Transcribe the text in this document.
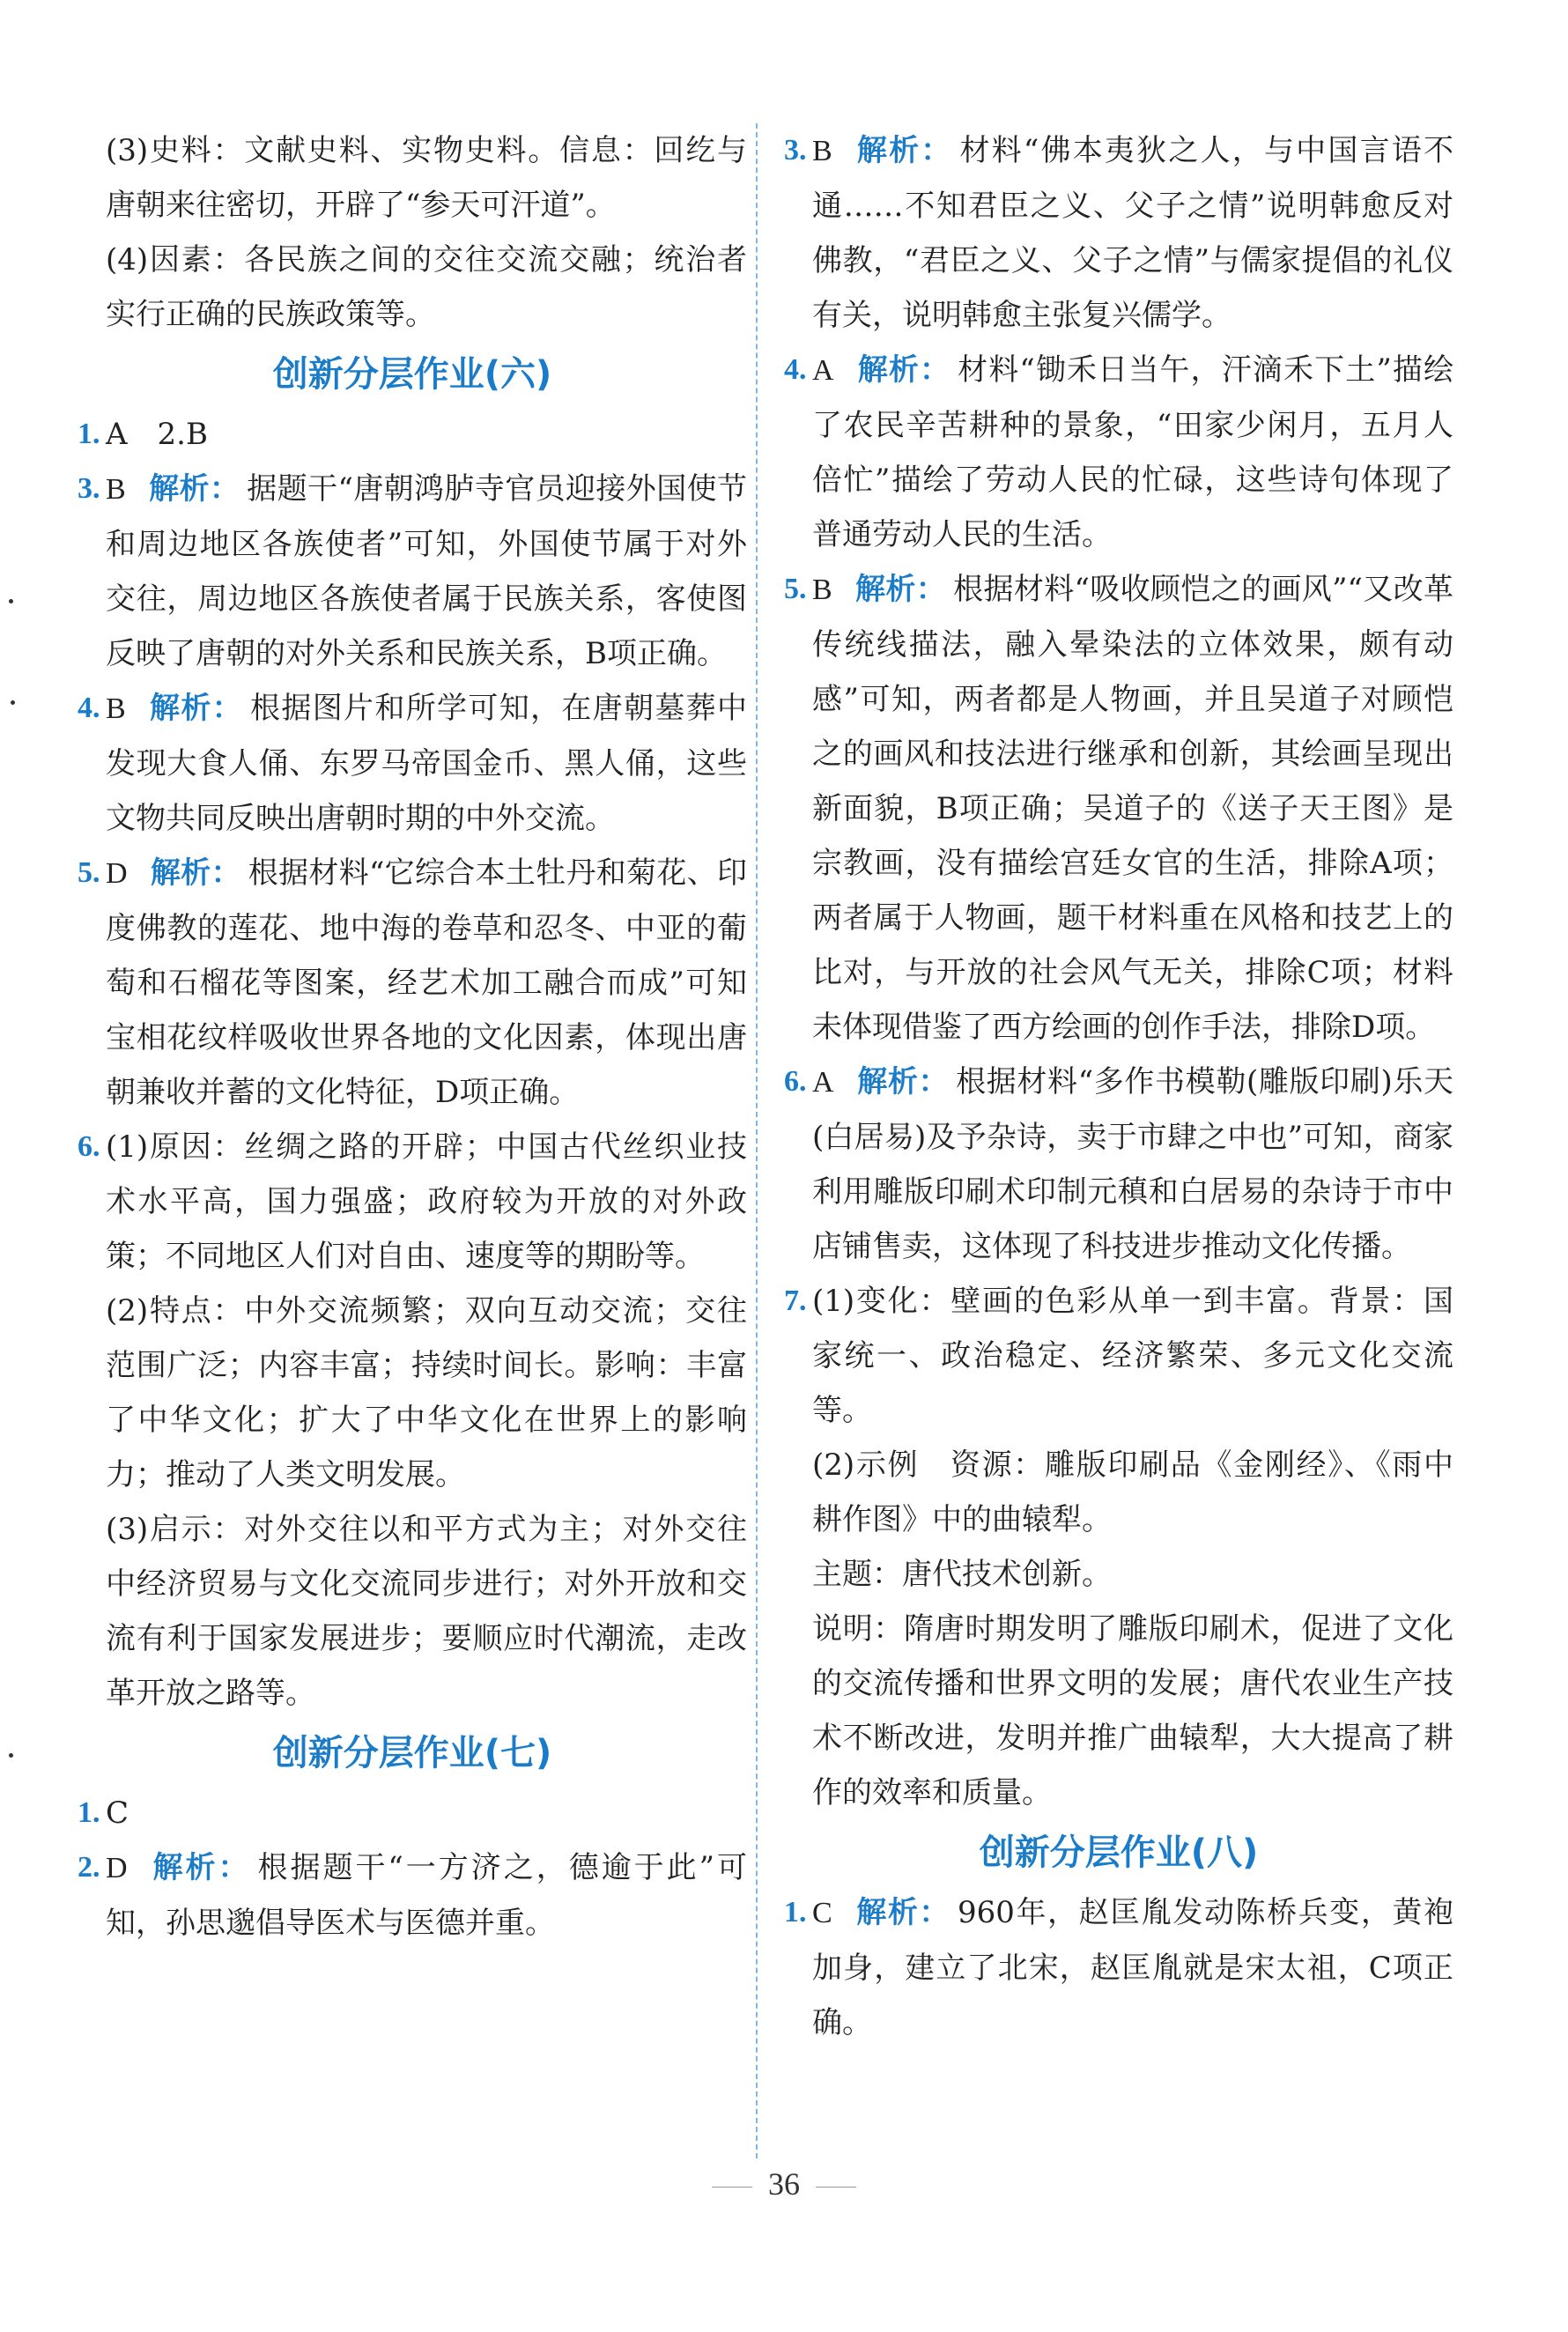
(3)史料：文献史料、实物史料。信息：回纥与唐朝来往密切，开辟了“参天可汗道”。

(4)因素：各民族之间的交往交流交融；统治者实行正确的民族政策等。

创新分层作业(六)
1. A　2.B

3. B 解析： 据题干“唐朝鸿胪寺官员迎接外国使节和周边地区各族使者”可知，外国使节属于对外交往，周边地区各族使者属于民族关系，客使图反映了唐朝的对外关系和民族关系，B项正确。

4. B 解析： 根据图片和所学可知，在唐朝墓葬中发现大食人俑、东罗马帝国金币、黑人俑，这些文物共同反映出唐朝时期的中外交流。

5. D 解析： 根据材料“它综合本土牡丹和菊花、印度佛教的莲花、地中海的卷草和忍冬、中亚的葡萄和石榴花等图案，经艺术加工融合而成”可知宝相花纹样吸收世界各地的文化因素，体现出唐朝兼收并蓄的文化特征，D项正确。

6. (1)原因：丝绸之路的开辟；中国古代丝织业技术水平高，国力强盛；政府较为开放的对外政策；不同地区人们对自由、速度等的期盼等。

(2)特点：中外交流频繁；双向互动交流；交往范围广泛；内容丰富；持续时间长。影响：丰富了中华文化；扩大了中华文化在世界上的影响力；推动了人类文明发展。

(3)启示：对外交往以和平方式为主；对外交往中经济贸易与文化交流同步进行；对外开放和交流有利于国家发展进步；要顺应时代潮流，走改革开放之路等。

创新分层作业(七)
1. C

2. D 解析： 根据题干“一方济之，德逾于此”可知，孙思邈倡导医术与医德并重。

3. B 解析： 材料“佛本夷狄之人，与中国言语不通……不知君臣之义、父子之情”说明韩愈反对佛教，“君臣之义、父子之情”与儒家提倡的礼仪有关，说明韩愈主张复兴儒学。

4. A 解析： 材料“锄禾日当午，汗滴禾下土”描绘了农民辛苦耕种的景象，“田家少闲月，五月人倍忙”描绘了劳动人民的忙碌，这些诗句体现了普通劳动人民的生活。

5. B 解析： 根据材料“吸收顾恺之的画风”“又改革传统线描法，融入晕染法的立体效果，颇有动感”可知，两者都是人物画，并且吴道子对顾恺之的画风和技法进行继承和创新，其绘画呈现出新面貌，B项正确；吴道子的《送子天王图》是宗教画，没有描绘宫廷女官的生活，排除A项；两者属于人物画，题干材料重在风格和技艺上的比对，与开放的社会风气无关，排除C项；材料未体现借鉴了西方绘画的创作手法，排除D项。

6. A 解析： 根据材料“多作书模勒(雕版印刷)乐天(白居易)及予杂诗，卖于市肆之中也”可知，商家利用雕版印刷术印制元稹和白居易的杂诗于市中店铺售卖，这体现了科技进步推动文化传播。

7. (1)变化：壁画的色彩从单一到丰富。背景：国家统一、政治稳定、经济繁荣、多元文化交流等。

(2)示例　资源：雕版印刷品《金刚经》、《雨中耕作图》中的曲辕犁。

主题：唐代技术创新。

说明：隋唐时期发明了雕版印刷术，促进了文化的交流传播和世界文明的发展；唐代农业生产技术不断改进，发明并推广曲辕犁，大大提高了耕作的效率和质量。

创新分层作业(八)
1. C 解析： 960年，赵匡胤发动陈桥兵变，黄袍加身，建立了北宋，赵匡胤就是宋太祖，C项正确。

36
